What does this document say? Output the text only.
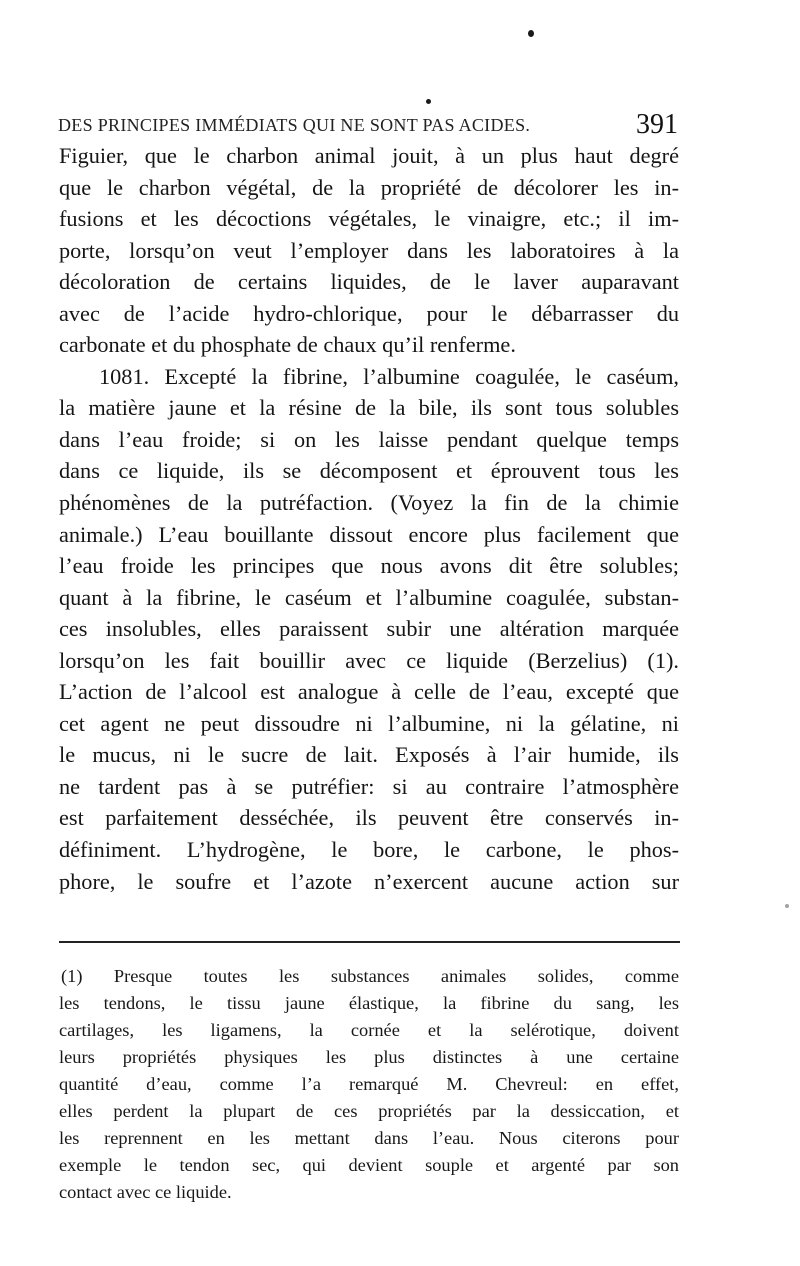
DES PRINCIPES IMMÉDIATS QUI NE SONT PAS ACIDES.	391
Figuier, que le charbon animal jouit, à un plus haut degré
que le charbon végétal, de la propriété de décolorer les in-
fusions et les décoctions végétales, le vinaigre, etc.; il im-
porte, lorsqu’on veut l’employer dans les laboratoires à la
décoloration de certains liquides, de le laver auparavant
avec de l’acide hydro-chlorique, pour le débarrasser du
carbonate et du phosphate de chaux qu’il renferme.
1081. Excepté la fibrine, l’albumine coagulée, le caséum,
la matière jaune et la résine de la bile, ils sont tous solubles
dans l’eau froide; si on les laisse pendant quelque temps
dans ce liquide, ils se décomposent et éprouvent tous les
phénomènes de la putréfaction. (Voyez la fin de la chimie
animale.) L’eau bouillante dissout encore plus facilement que
l’eau froide les principes que nous avons dit être solubles;
quant à la fibrine, le caséum et l’albumine coagulée, substan-
ces insolubles, elles paraissent subir une altération marquée
lorsqu’on les fait bouillir avec ce liquide (Berzelius) (1).
L’action de l’alcool est analogue à celle de l’eau, excepté que
cet agent ne peut dissoudre ni l’albumine, ni la gélatine, ni
le mucus, ni le sucre de lait. Exposés à l’air humide, ils
ne tardent pas à se putréfier: si au contraire l’atmosphère
est parfaitement desséchée, ils peuvent être conservés in-
définiment. L’hydrogène, le bore, le carbone, le phos-
phore, le soufre et l’azote n’exercent aucune action sur
(1) Presque toutes les substances animales solides, comme
les tendons, le tissu jaune élastique, la fibrine du sang, les
cartilages, les ligamens, la cornée et la selérotique, doivent
leurs propriétés physiques les plus distinctes à une certaine
quantité d’eau, comme l’a remarqué M. Chevreul: en effet,
elles perdent la plupart de ces propriétés par la dessiccation, et
les reprennent en les mettant dans l’eau. Nous citerons pour
exemple le tendon sec, qui devient souple et argenté par son
contact avec ce liquide.
